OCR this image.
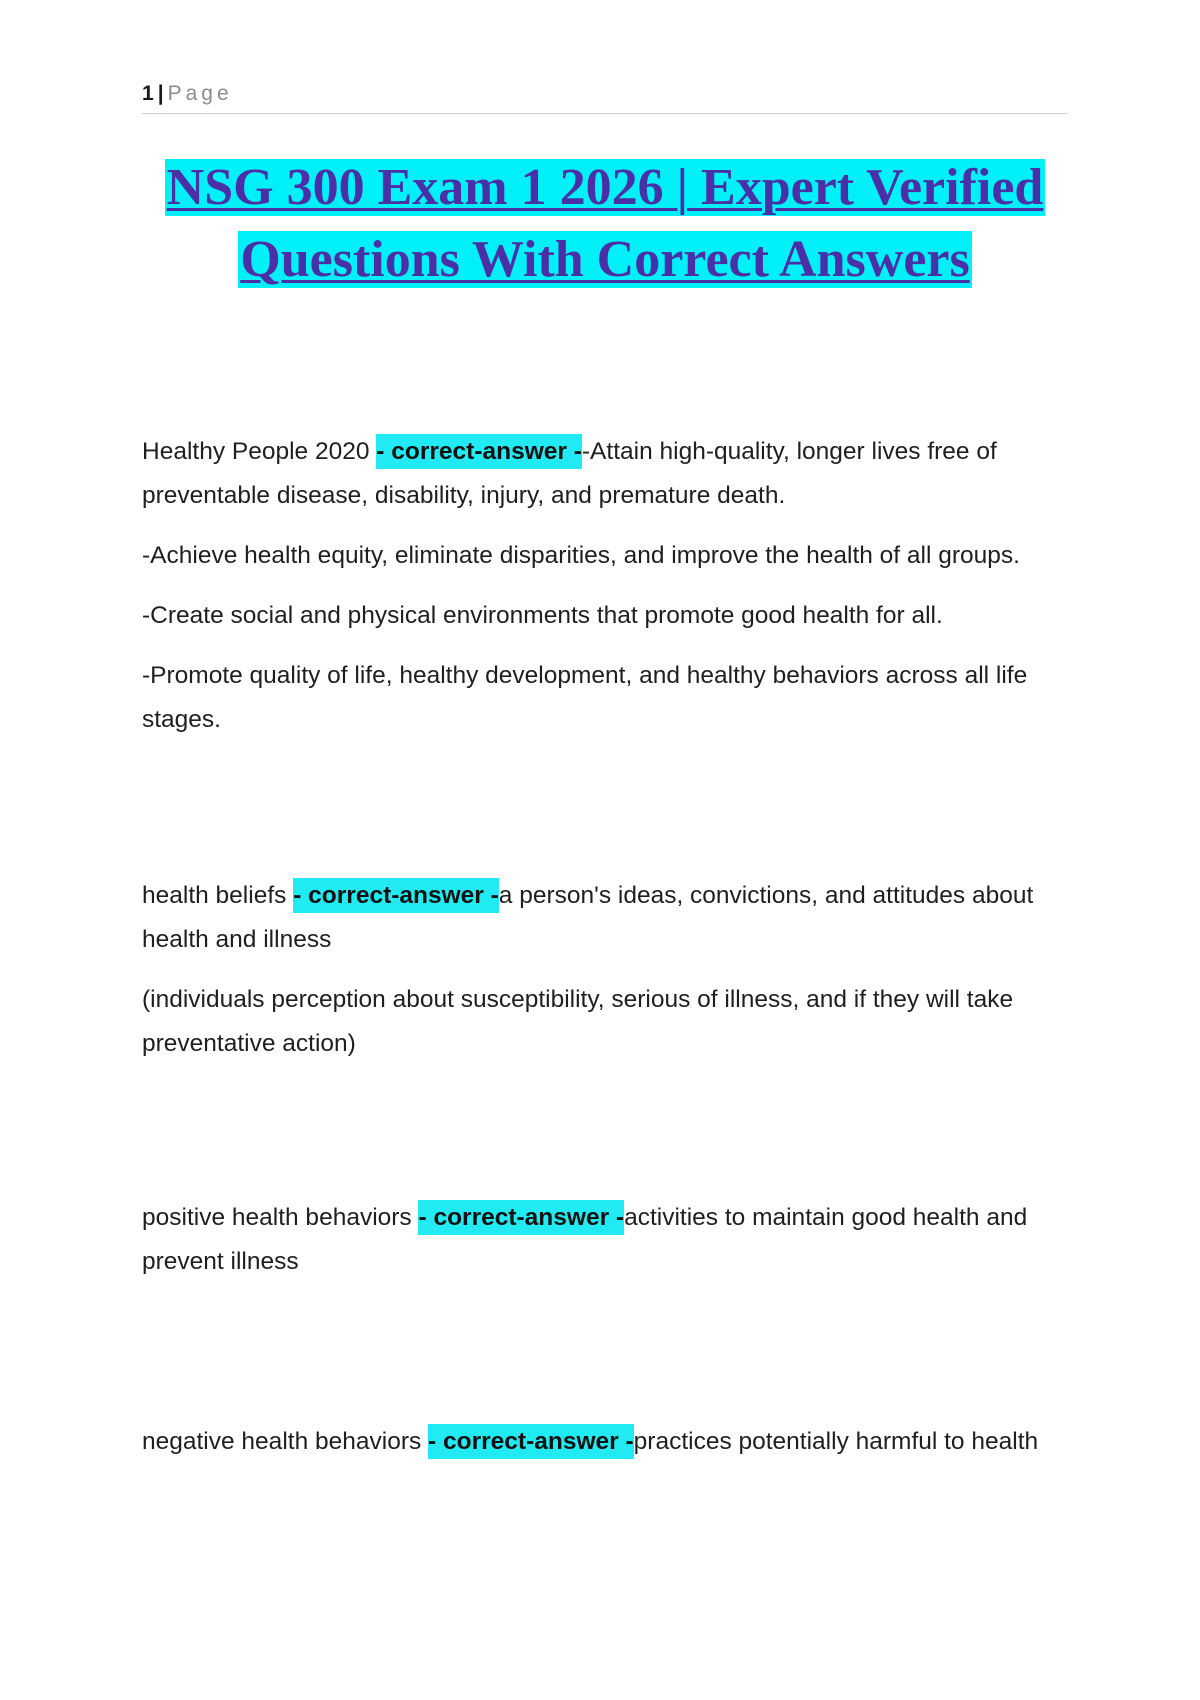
1 | Page
NSG 300 Exam 1 2026 | Expert Verified
Questions With Correct Answers

Healthy People 2020 - correct-answer --Attain high-quality, longer lives free of preventable disease, disability, injury, and premature death.

-Achieve health equity, eliminate disparities, and improve the health of all groups.

-Create social and physical environments that promote good health for all.

-Promote quality of life, healthy development, and healthy behaviors across all life stages.

health beliefs - correct-answer -a person's ideas, convictions, and attitudes about health and illness

(individuals perception about susceptibility, serious of illness, and if they will take preventative action)

positive health behaviors - correct-answer -activities to maintain good health and prevent illness

negative health behaviors - correct-answer -practices potentially harmful to health
